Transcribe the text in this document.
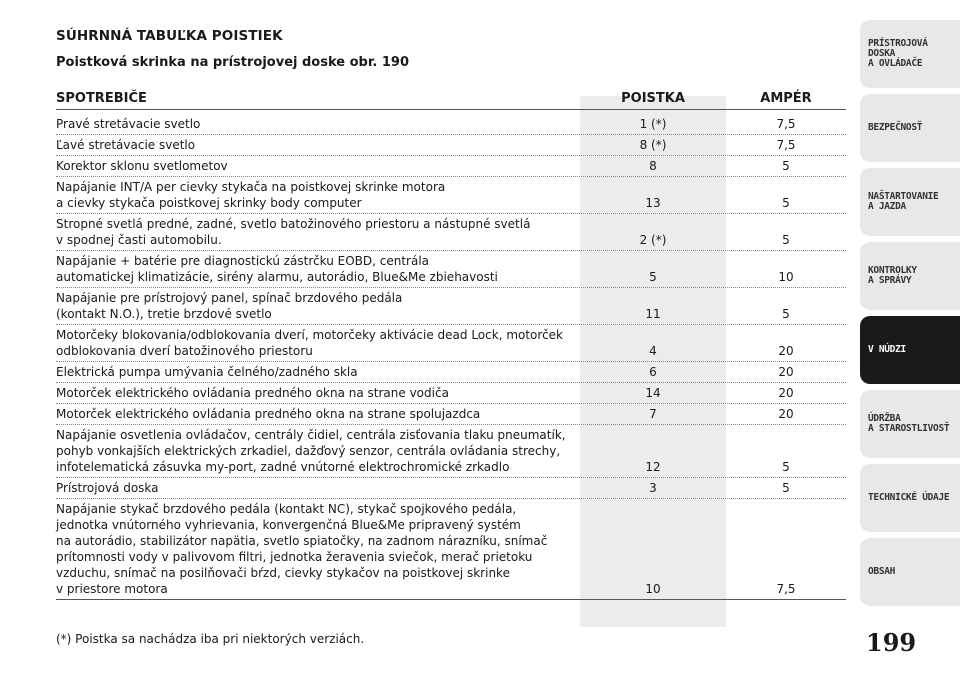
SÚHRNNÁ TABUĽKA POISTIEK
Poistková skrinka na prístrojovej doske obr. 190
SPOTREBIČE	POISTKA	AMPÉR
Pravé stretávacie svetlo	1 (*)	7,5
Ľavé stretávacie svetlo	8 (*)	7,5
Korektor sklonu svetlometov	8	5
Napájanie INT/A per cievky stykača na poistkovej skrinke motora
a cievky stykača poistkovej skrinky body computer	13	5
Stropné svetlá predné, zadné, svetlo batožinového priestoru a nástupné svetlá
v spodnej časti automobilu.	2 (*)	5
Napájanie + batérie pre diagnostickú zástrčku EOBD, centrála
automatickej klimatizácie, sirény alarmu, autorádio, Blue&Me zbiehavosti	5	10
Napájanie pre prístrojový panel, spínač brzdového pedála
(kontakt N.O.), tretie brzdové svetlo	11	5
Motorčeky blokovania/odblokovania dverí, motorčeky aktivácie dead Lock, motorček
odblokovania dverí batožinového priestoru	4	20
Elektrická pumpa umývania čelného/zadného skla	6	20
Motorček elektrického ovládania predného okna na strane vodiča	14	20
Motorček elektrického ovládania predného okna na strane spolujazdca	7	20
Napájanie osvetlenia ovládačov, centrály čidiel, centrála zisťovania tlaku pneumatík,
pohyb vonkajších elektrických zrkadiel, dažďový senzor, centrála ovládania strechy,
infotelematická zásuvka my-port, zadné vnútorné elektrochromické zrkadlo	12	5
Prístrojová doska	3	5
Napájanie stykač brzdového pedála (kontakt NC), stykač spojkového pedála,
jednotka vnútorného vyhrievania, konvergenčná Blue&Me pripravený systém
na autorádio, stabilizátor napätia, svetlo spiatočky, na zadnom nárazníku, snímač
prítomnosti vody v palivovom filtri, jednotka žeravenia sviečok, merač prietoku
vzduchu, snímač na posilňovači bŕzd, cievky stykačov na poistkovej skrinke
v priestore motora	10	7,5
(*) Poistka sa nachádza iba pri niektorých verziách.	199
PRÍSTROJOVÁ
DOSKA
A OVLÁDAČE
BEZPEČNOSŤ
NAŠTARTOVANIE
A JAZDA
KONTROLKY
A SPRÁVY
V NÚDZI
ÚDRŽBA
A STAROSTLIVOSŤ
TECHNICKÉ ÚDAJE
OBSAH
